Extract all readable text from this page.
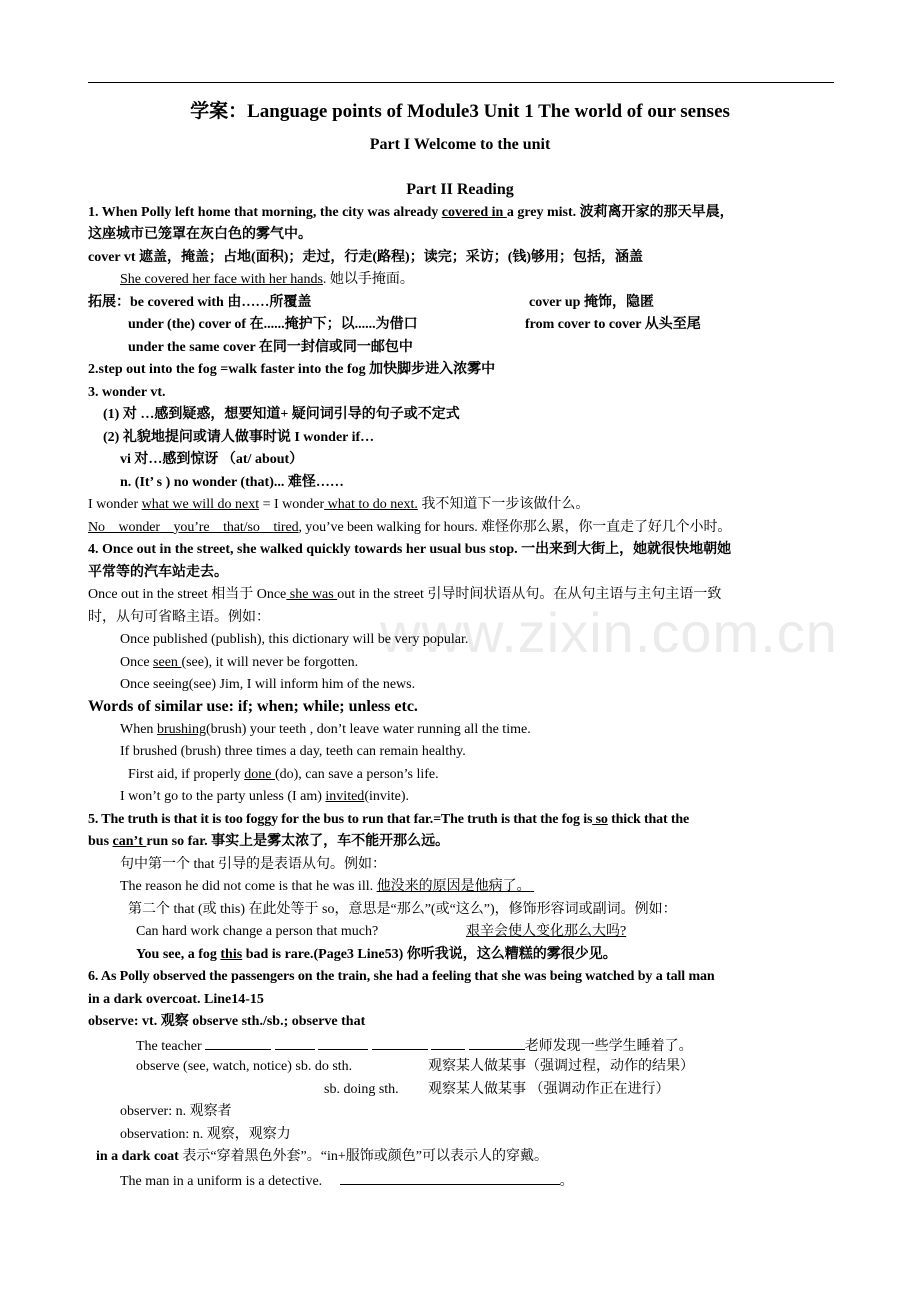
www.zixin.com.cn
学案：Language points of Module3 Unit 1 The world of our senses
Part I Welcome to the unit
Part II Reading
1. When Polly left home that morning, the city was already covered in a grey mist. 波莉离开家的那天早晨，
这座城市已笼罩在灰白色的雾气中。
cover vt 遮盖，掩盖；占地(面积)；走过，行走(路程)；读完；采访；(钱)够用；包括，涵盖
She covered her face with her hands. 她以手掩面。
拓展：be covered with 由……所覆盖	cover up 掩饰，隐匿
under (the) cover of 在......掩护下；以......为借口	from cover to cover 从头至尾
under the same cover 在同一封信或同一邮包中
2.step out into the fog =walk faster into the fog 加快脚步进入浓雾中
3. wonder vt.
(1) 对 …感到疑惑，想要知道+ 疑问词引导的句子或不定式
(2) 礼貌地提问或请人做事时说 I wonder if…
vi 对…感到惊讶 （at/ about）
n. (It’ s ) no wonder (that)... 难怪……
I wonder what we will do next = I wonder what to do next. 我不知道下一步该做什么。
No wonder you’re that/so tired, you’ve been walking for hours. 难怪你那么累，你一直走了好几个小时。
4. Once out in the street, she walked quickly towards her usual bus stop. 一出来到大街上，她就很快地朝她
平常等的汽车站走去。
Once out in the street 相当于 Once she was out in the street 引导时间状语从句。在从句主语与主句主语一致
时，从句可省略主语。例如：
Once published (publish), this dictionary will be very popular.
Once seen (see), it will never be forgotten.
Once seeing(see) Jim, I will inform him of the news.
Words of similar use: if; when; while; unless etc.
When brushing(brush) your teeth , don’t leave water running all the time.
If brushed (brush) three times a day, teeth can remain healthy.
First aid, if properly done (do), can save a person’s life.
I won’t go to the party unless (I am) invited(invite).
5. The truth is that it is too foggy for the bus to run that far.=The truth is that the fog is so thick that the
bus can’t run so far. 事实上是雾太浓了，车不能开那么远。
句中第一个 that 引导的是表语从句。例如：
The reason he did not come is that he was ill. 他没来的原因是他病了。
第二个 that (或 this) 在此处等于 so，意思是“那么”(或“这么”)，修饰形容词或副词。例如：
Can hard work change a person that much?	艰辛会使人变化那么大吗?
You see, a fog this bad is rare.(Page3 Line53) 你听我说，这么糟糕的雾很少见。
6. As Polly observed the passengers on the train, she had a feeling that she was being watched by a tall man
in a dark overcoat. Line14-15
observe: vt. 观察 observe sth./sb.; observe that
The teacher	老师发现一些学生睡着了。
observe (see, watch, notice) sb. do sth.	观察某人做某事（强调过程，动作的结果）
sb. doing sth.	观察某人做某事 （强调动作正在进行）
observer: n. 观察者
observation: n. 观察，观察力
in a dark coat 表示“穿着黑色外套”。“in+服饰或颜色”可以表示人的穿戴。
The man in a uniform is a detective.	。
